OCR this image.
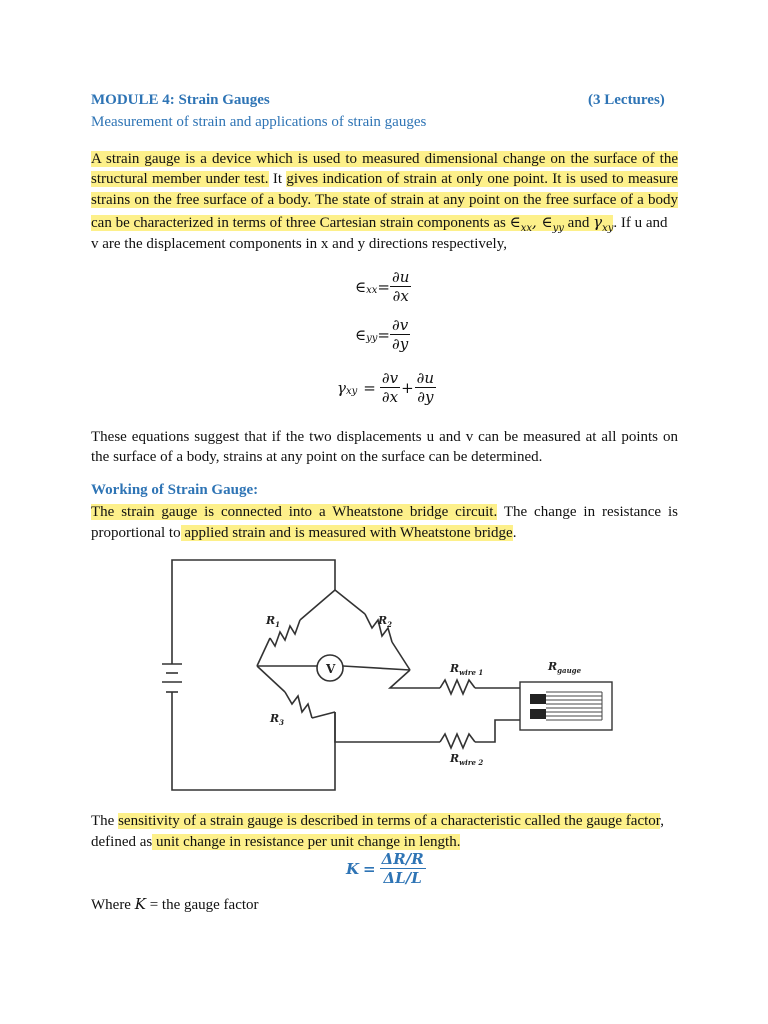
MODULE 4: Strain Gauges	(3 Lectures)
Measurement of strain and applications of strain gauges
A strain gauge is a device which is used to measured dimensional change on the surface of the
structural member under test. It gives indication of strain at only one point. It is used to measure
strains on the free surface of a body. The state of strain at any point on the free surface of a body
can be characterized in terms of three Cartesian strain components as $\in_{xx}$, $\in_{yy}$ and $\gamma_{xy}$. If u and
v are the displacement components in x and y directions respectively,
$\in_{xx} = \frac{\partial u}{\partial x}$
$\in_{yy} = \frac{\partial v}{\partial y}$
$\gamma_{xy} = \frac{\partial v}{\partial x} + \frac{\partial u}{\partial y}$
These equations suggest that if the two displacements u and v can be measured at all points on
the surface of a body, strains at any point on the surface can be determined.
Working of Strain Gauge:
The strain gauge is connected into a Wheatstone bridge circuit. The change in resistance is
proportional to applied strain and is measured with Wheatstone bridge.
$R_1$	$R_2$
$R_3$
V	$R_{wire 1}$
$R_{wire 2}$
$R_{gauge}$
The sensitivity of a strain gauge is described in terms of a characteristic called the gauge factor,
defined as unit change in resistance per unit change in length.
$K = \frac{\Delta R/R}{\Delta L/L}$
Where K = the gauge factor
